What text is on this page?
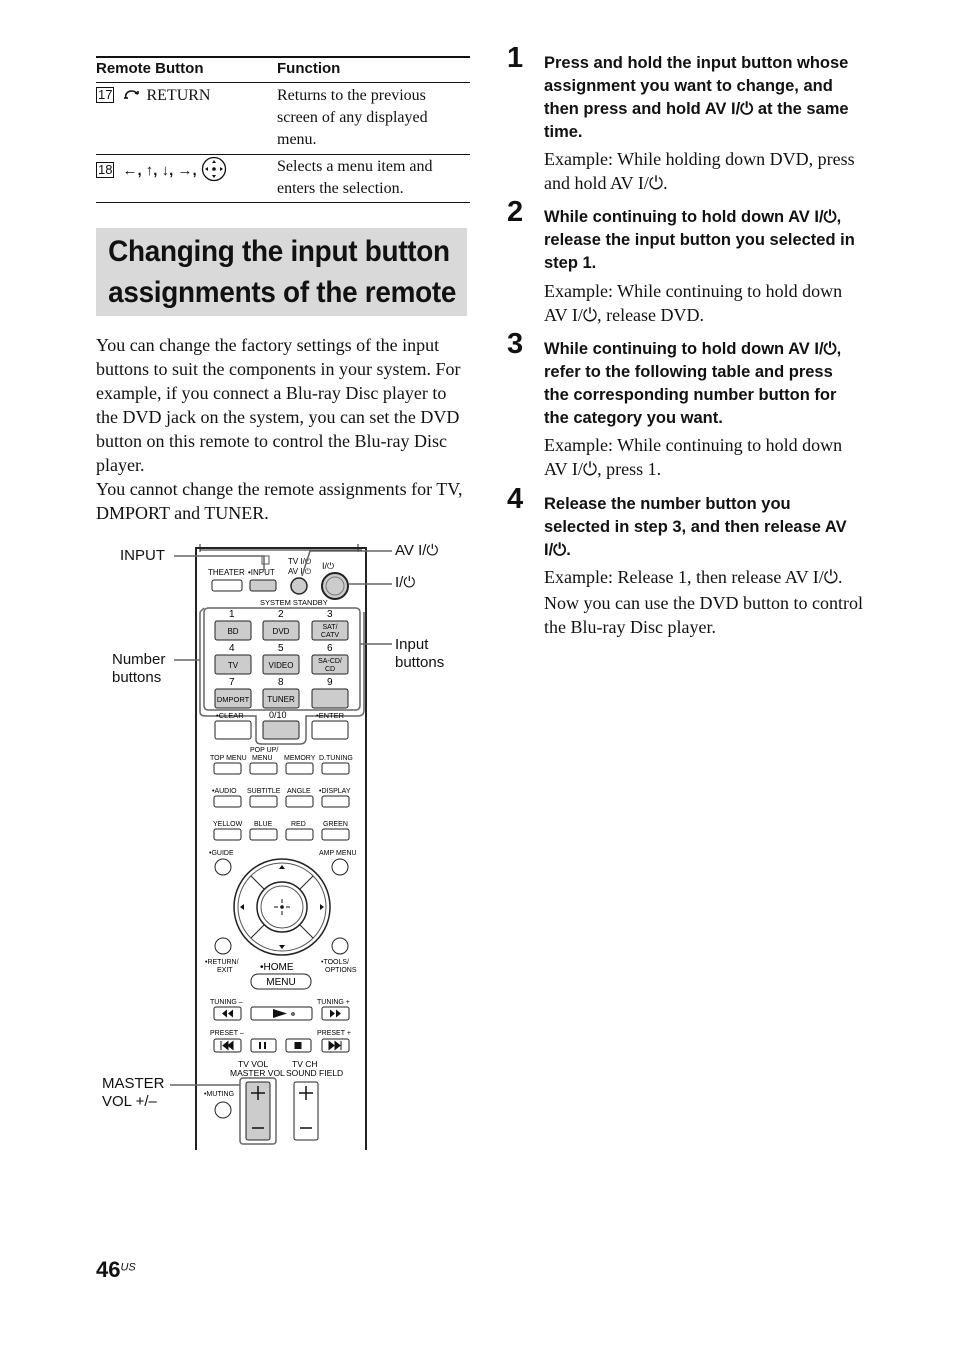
Remote Button	Function
17 RETURN	Returns to the previous screen of any displayed menu.
18 ←, ↑, ↓, →,	Selects a menu item and enters the selection.
Changing the input button
assignments of the remote
You can change the factory settings of the input buttons to suit the components in your system. For example, if you connect a Blu-ray Disc player to the DVD jack on the system, you can set the DVD button on this remote to control the Blu-ray Disc player.
You cannot change the remote assignments for TV, DMPORT and TUNER.
THEATER •INPUT
TV I/⏻
AV I/⏻
I/⏻
SYSTEM STANDBY
1	2	3
BD	DVD	SAT/
CATV
4	5	6
TV	VIDEO	SA-CD/
CD
7	8	9
DMPORT TUNER
•CLEAR	0/10	•ENTER
TOP MENU
POP UP/
MENU MEMORY D.TUNING
•AUDIO SUBTITLE ANGLE •DISPLAY
YELLOW BLUE	RED GREEN
•GUIDE	AMP MENU
•RETURN/
EXIT	•HOME	•TOOLS/
OPTIONS
MENU
TUNING –	TUNING +
PRESET –	PRESET +
TV VOL
MASTER VOL
TV CH
SOUND FIELD
•MUTING
INPUT	AV I/⏻
I/⏻
Input
buttons
Number
buttons
MASTER
VOL +/–
1 Press and hold the input button whose
assignment you want to change, and
then press and hold AV I/⏻ at the same
time.
Example: While holding down DVD, press
and hold AV I/⏻.
2 While continuing to hold down AV I/⏻,
release the input button you selected in
step 1.
Example: While continuing to hold down
AV I/⏻, release DVD.
3 While continuing to hold down AV I/⏻,
refer to the following table and press
the corresponding number button for
the category you want.
Example: While continuing to hold down
AV I/⏻, press 1.
4 Release the number button you
selected in step 3, and then release AV
I/⏻.
Example: Release 1, then release AV I/⏻.
Now you can use the DVD button to control
the Blu-ray Disc player.
$46^{US}$
